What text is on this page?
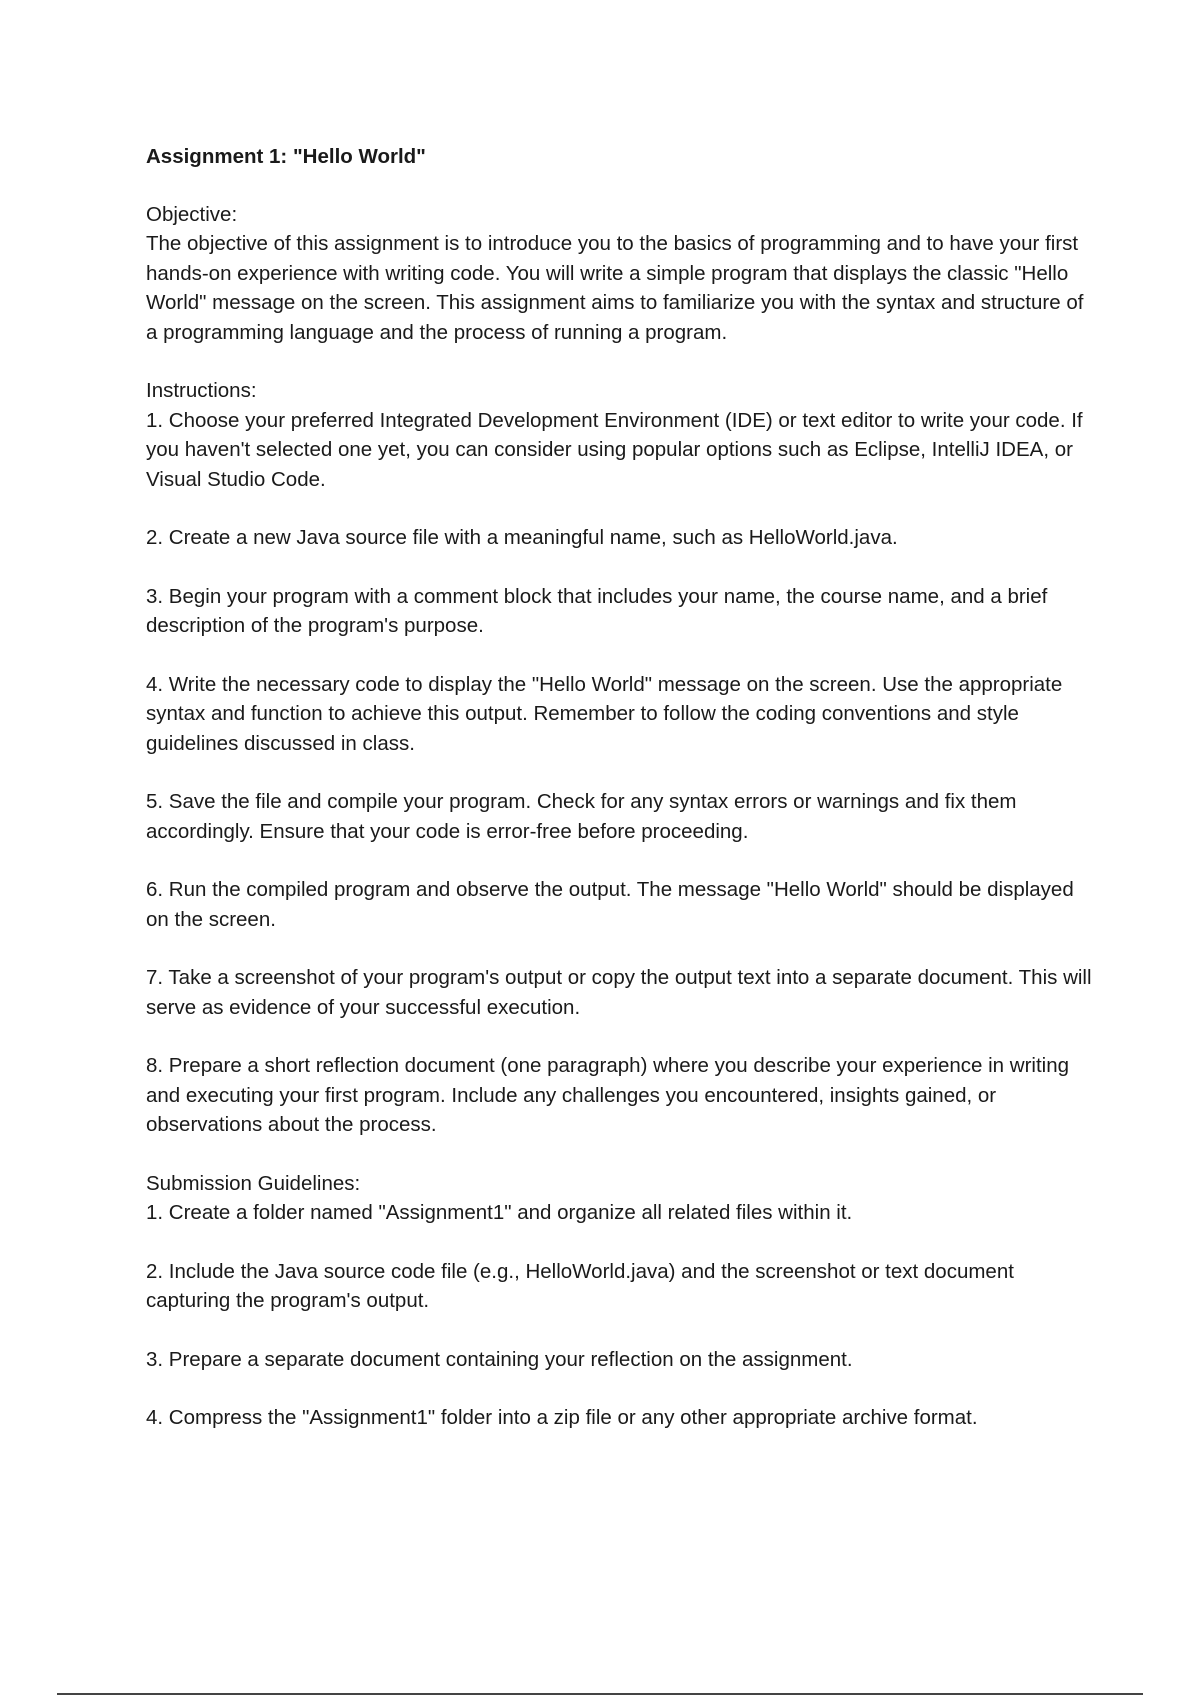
Assignment 1: "Hello World"

Objective:

The objective of this assignment is to introduce you to the basics of programming and to have your first hands-on experience with writing code. You will write a simple program that displays the classic "Hello World" message on the screen. This assignment aims to familiarize you with the syntax and structure of a programming language and the process of running a program.

Instructions:

1. Choose your preferred Integrated Development Environment (IDE) or text editor to write your code. If you haven't selected one yet, you can consider using popular options such as Eclipse, IntelliJ IDEA, or Visual Studio Code.

2. Create a new Java source file with a meaningful name, such as HelloWorld.java.

3. Begin your program with a comment block that includes your name, the course name, and a brief description of the program's purpose.

4. Write the necessary code to display the "Hello World" message on the screen. Use the appropriate syntax and function to achieve this output. Remember to follow the coding conventions and style guidelines discussed in class.

5. Save the file and compile your program. Check for any syntax errors or warnings and fix them accordingly. Ensure that your code is error-free before proceeding.

6. Run the compiled program and observe the output. The message "Hello World" should be displayed on the screen.

7. Take a screenshot of your program's output or copy the output text into a separate document. This will serve as evidence of your successful execution.

8. Prepare a short reflection document (one paragraph) where you describe your experience in writing and executing your first program. Include any challenges you encountered, insights gained, or observations about the process.

Submission Guidelines:

1. Create a folder named "Assignment1" and organize all related files within it.

2. Include the Java source code file (e.g., HelloWorld.java) and the screenshot or text document capturing the program's output.

3. Prepare a separate document containing your reflection on the assignment.

4. Compress the "Assignment1" folder into a zip file or any other appropriate archive format.
